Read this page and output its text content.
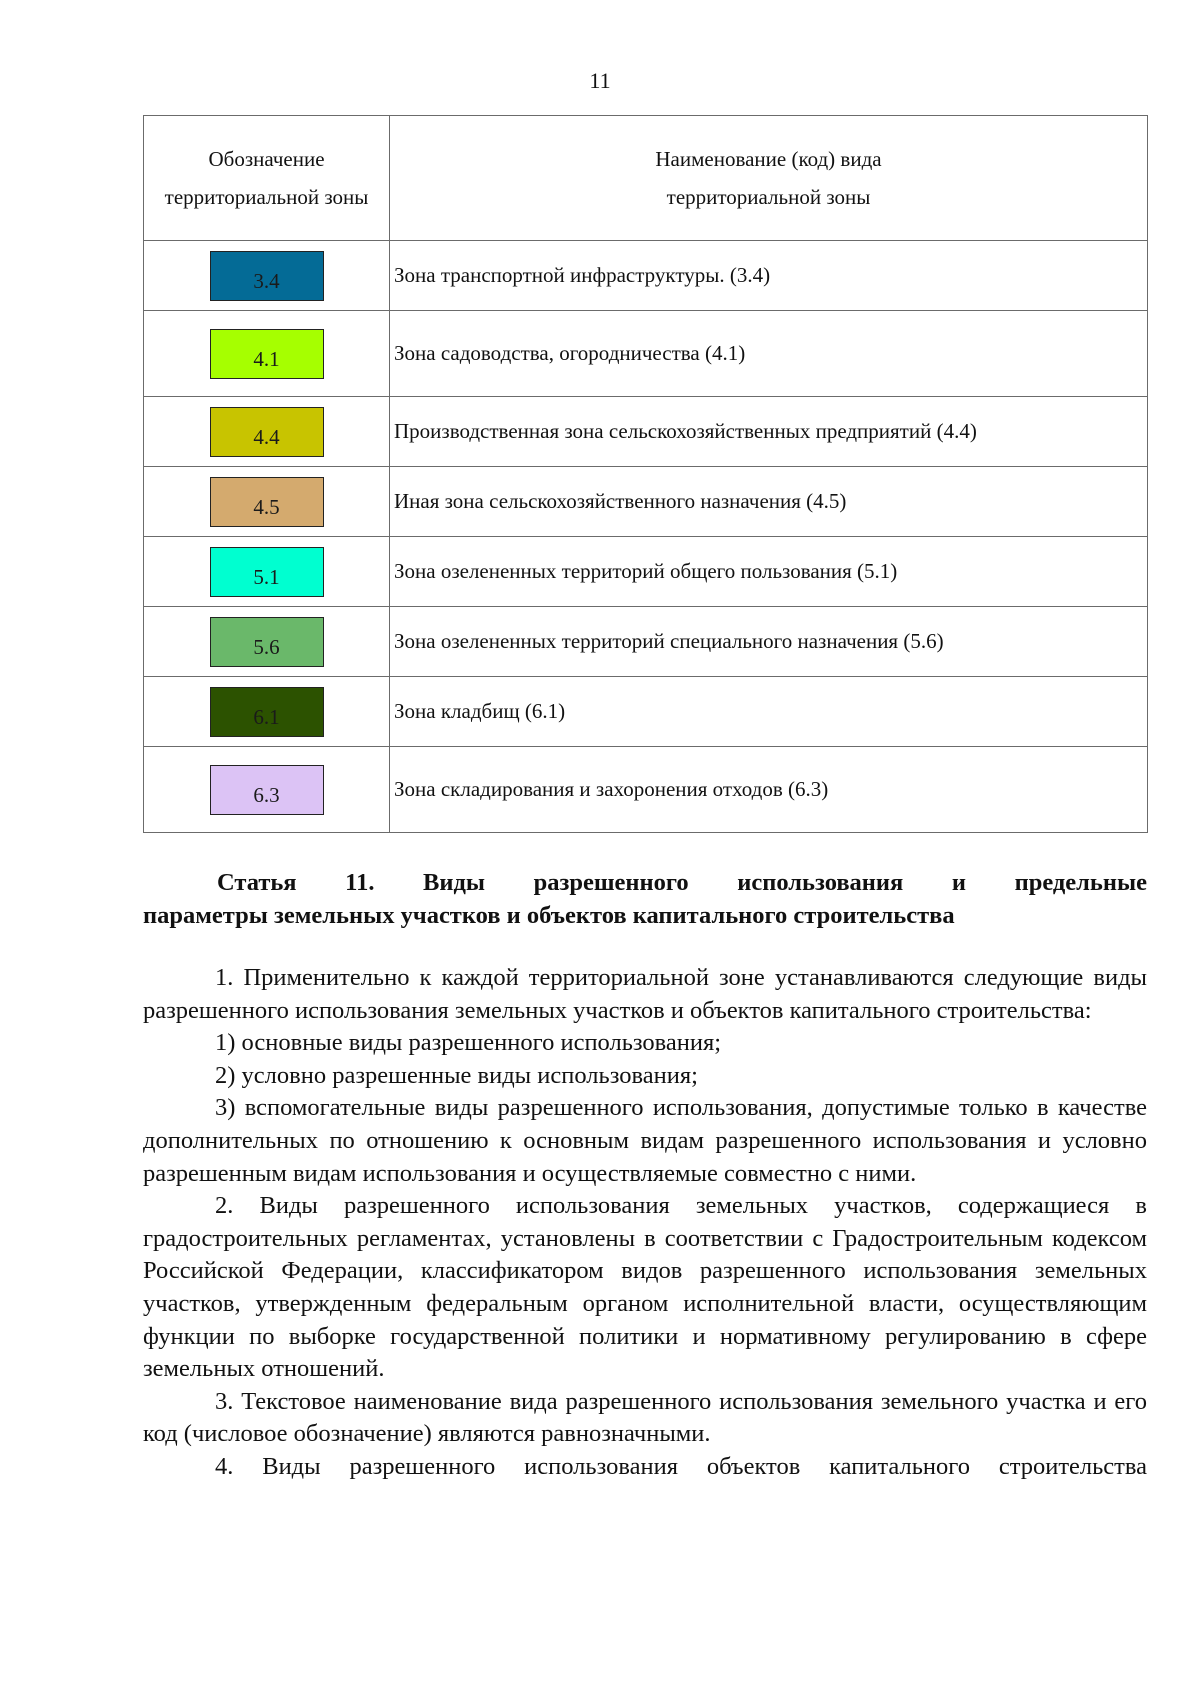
11
Обозначение территориальной зоны	Наименование (код) вида территориальной зоны

3.4	Зона транспортной инфраструктуры. (3.4)
4.1	Зона садоводства, огородничества (4.1)
4.4	Производственная зона сельскохозяйственных предприятий (4.4)
4.5	Иная зона сельскохозяйственного назначения (4.5)
5.1	Зона озелененных территорий общего пользования (5.1)
5.6	Зона озелененных территорий специального назначения (5.6)
6.1	Зона кладбищ (6.1)
6.3	Зона складирования и захоронения отходов (6.3)
Статья 11. Виды разрешенного использования и предельные
параметры земельных участков и объектов капитального строительства

1. Применительно к каждой территориальной зоне устанавливаются следующие виды разрешенного использования земельных участков и объектов капитального строительства:

1) основные виды разрешенного использования;

2) условно разрешенные виды использования;

3) вспомогательные виды разрешенного использования, допустимые только в качестве дополнительных по отношению к основным видам разрешенного использования и условно разрешенным видам использования и осуществляемые совместно с ними.

2. Виды разрешенного использования земельных участков, содержащиеся в градостроительных регламентах, установлены в соответствии с Градостроительным кодексом Российской Федерации, классификатором видов разрешенного использования земельных участков, утвержденным федеральным органом исполнительной власти, осуществляющим функции по выборке государственной политики и нормативному регулированию в сфере земельных отношений.

3. Текстовое наименование вида разрешенного использования земельного участка и его код (числовое обозначение) являются равнозначными.

4. Виды разрешенного использования объектов капитального строительства
